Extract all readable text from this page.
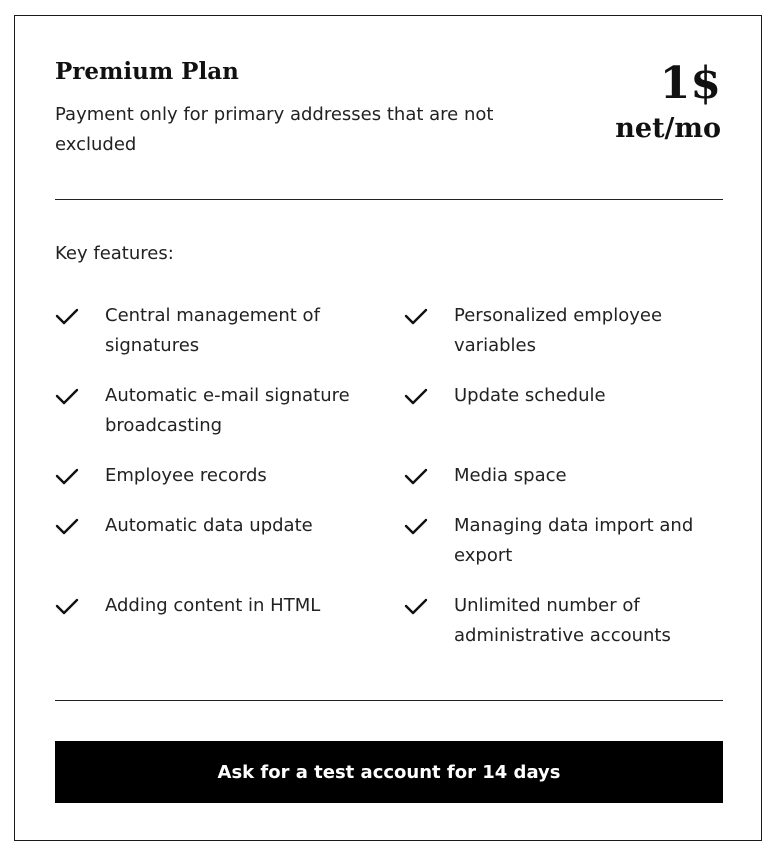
Premium Plan

Payment only for primary addresses that are not excluded

1$
net/mo

Key features:

Central management of signatures
Personalized employee variables
Automatic e-mail signature broadcasting
Update schedule
Employee records	Media space
Automatic data update	Managing data import and export
Adding content in HTML	Unlimited number of administrative accounts
Ask for a test account for 14 days
